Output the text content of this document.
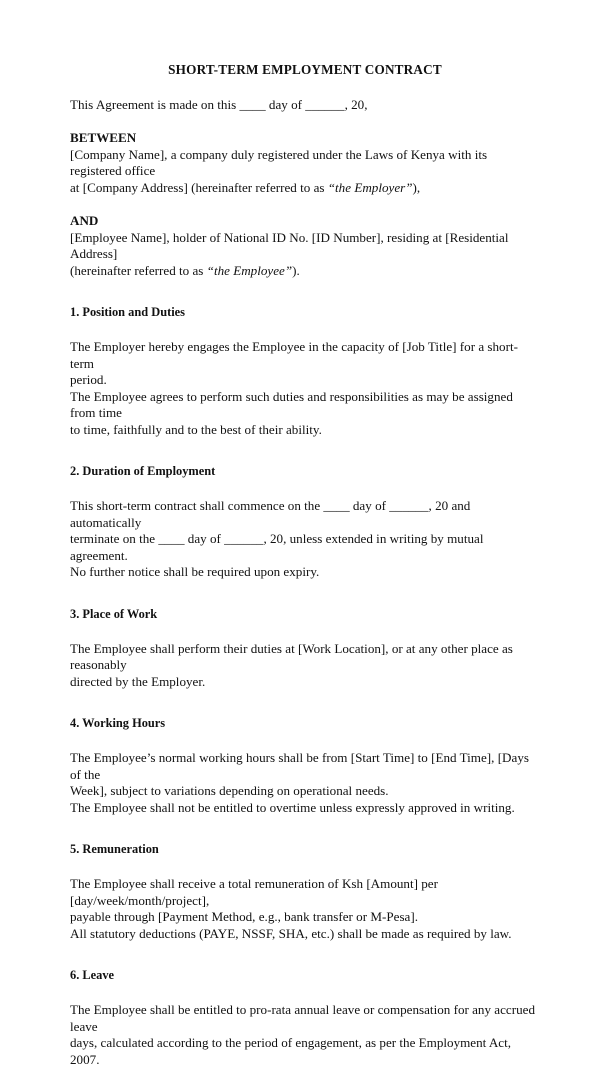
SHORT-TERM EMPLOYMENT CONTRACT

This Agreement is made on this ____ day of ______, 20,

BETWEEN
[Company Name], a company duly registered under the Laws of Kenya with its registered office
at [Company Address] (hereinafter referred to as “the Employer”),

AND
[Employee Name], holder of National ID No. [ID Number], residing at [Residential Address]
(hereinafter referred to as “the Employee”).

1. Position and Duties

The Employer hereby engages the Employee in the capacity of [Job Title] for a short-term
period.
The Employee agrees to perform such duties and responsibilities as may be assigned from time
to time, faithfully and to the best of their ability.

2. Duration of Employment

This short-term contract shall commence on the ____ day of ______, 20 and automatically
terminate on the ____ day of ______, 20, unless extended in writing by mutual agreement.
No further notice shall be required upon expiry.

3. Place of Work

The Employee shall perform their duties at [Work Location], or at any other place as reasonably
directed by the Employer.

4. Working Hours

The Employee’s normal working hours shall be from [Start Time] to [End Time], [Days of the
Week], subject to variations depending on operational needs.
The Employee shall not be entitled to overtime unless expressly approved in writing.

5. Remuneration

The Employee shall receive a total remuneration of Ksh [Amount] per [day/week/month/project],
payable through [Payment Method, e.g., bank transfer or M-Pesa].
All statutory deductions (PAYE, NSSF, SHA, etc.) shall be made as required by law.

6. Leave

The Employee shall be entitled to pro-rata annual leave or compensation for any accrued leave
days, calculated according to the period of engagement, as per the Employment Act, 2007.
